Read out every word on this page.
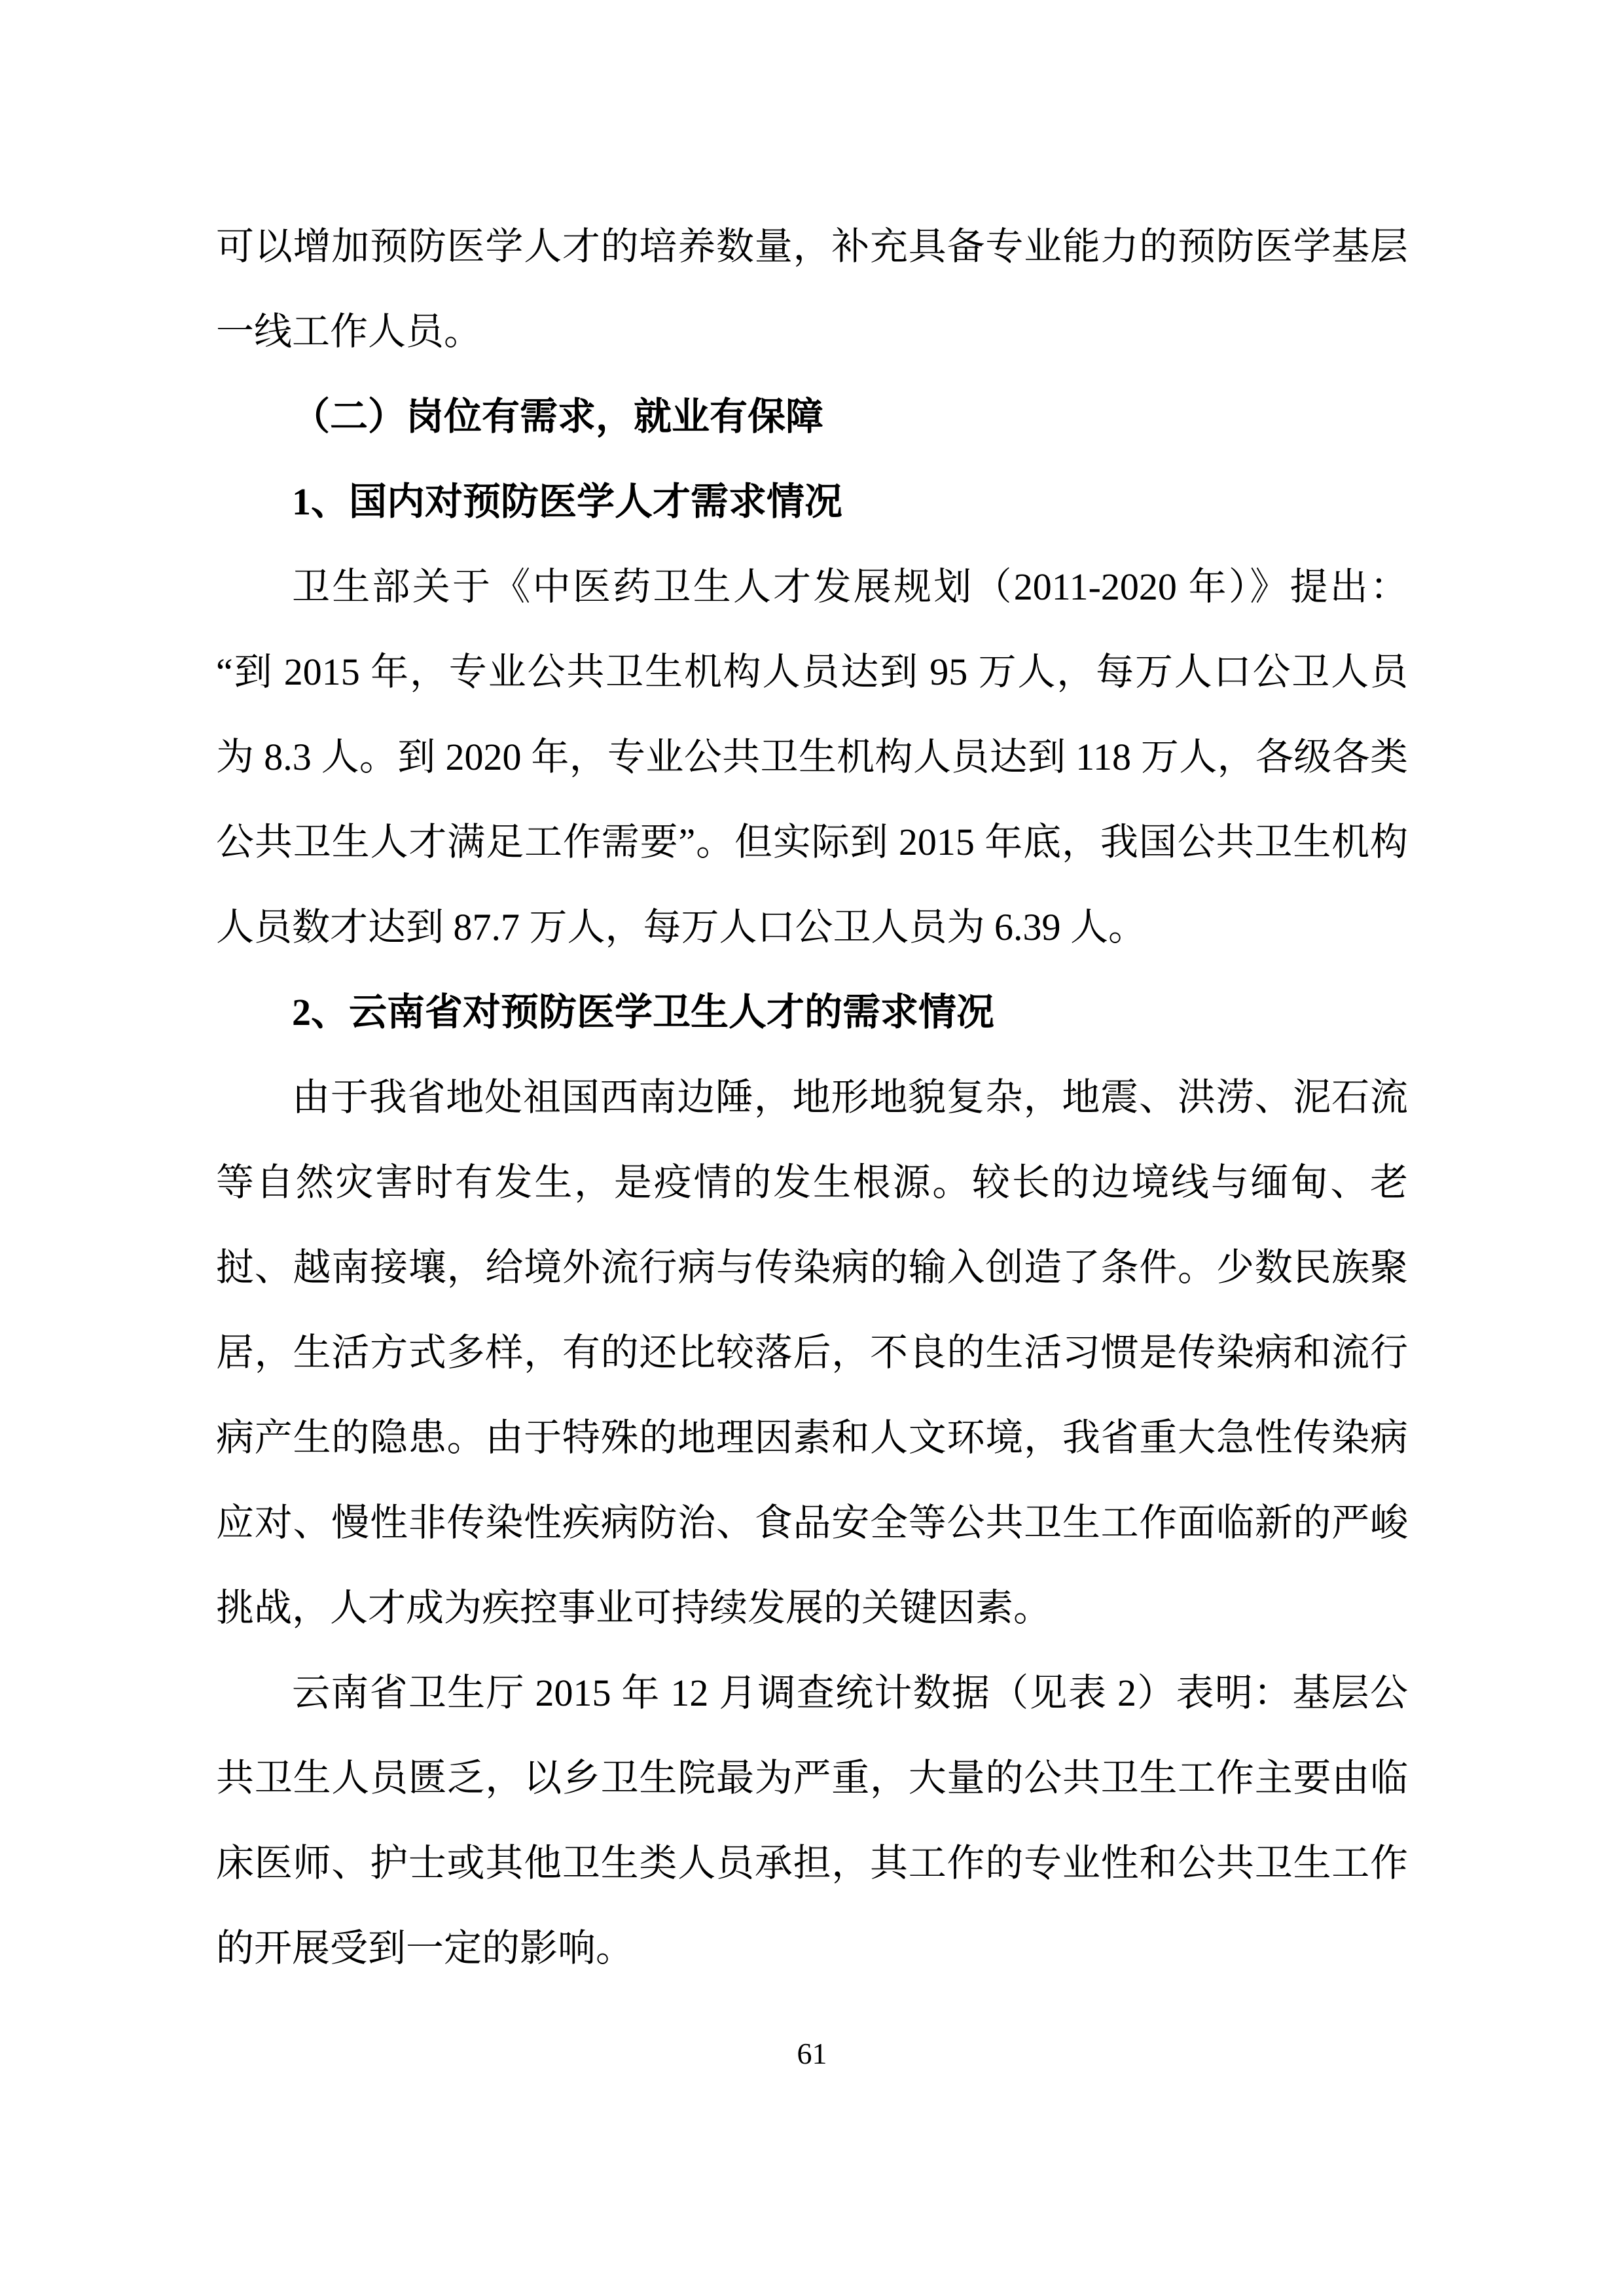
可以增加预防医学人才的培养数量，补充具备专业能力的预防医学基层一线工作人员。

（二）岗位有需求，就业有保障

1、国内对预防医学人才需求情况

卫生部关于《中医药卫生人才发展规划（2011-2020 年）》提出：“到 2015 年，专业公共卫生机构人员达到 95 万人，每万人口公卫人员为 8.3 人。到 2020 年，专业公共卫生机构人员达到 118 万人，各级各类公共卫生人才满足工作需要”。但实际到 2015 年底，我国公共卫生机构人员数才达到 87.7 万人，每万人口公卫人员为 6.39 人。

2、云南省对预防医学卫生人才的需求情况

由于我省地处祖国西南边陲，地形地貌复杂，地震、洪涝、泥石流等自然灾害时有发生，是疫情的发生根源。较长的边境线与缅甸、老挝、越南接壤，给境外流行病与传染病的输入创造了条件。少数民族聚居，生活方式多样，有的还比较落后，不良的生活习惯是传染病和流行病产生的隐患。由于特殊的地理因素和人文环境，我省重大急性传染病应对、慢性非传染性疾病防治、食品安全等公共卫生工作面临新的严峻挑战，人才成为疾控事业可持续发展的关键因素。

云南省卫生厅 2015 年 12 月调查统计数据（见表 2）表明：基层公共卫生人员匮乏，以乡卫生院最为严重，大量的公共卫生工作主要由临床医师、护士或其他卫生类人员承担，其工作的专业性和公共卫生工作的开展受到一定的影响。

61
